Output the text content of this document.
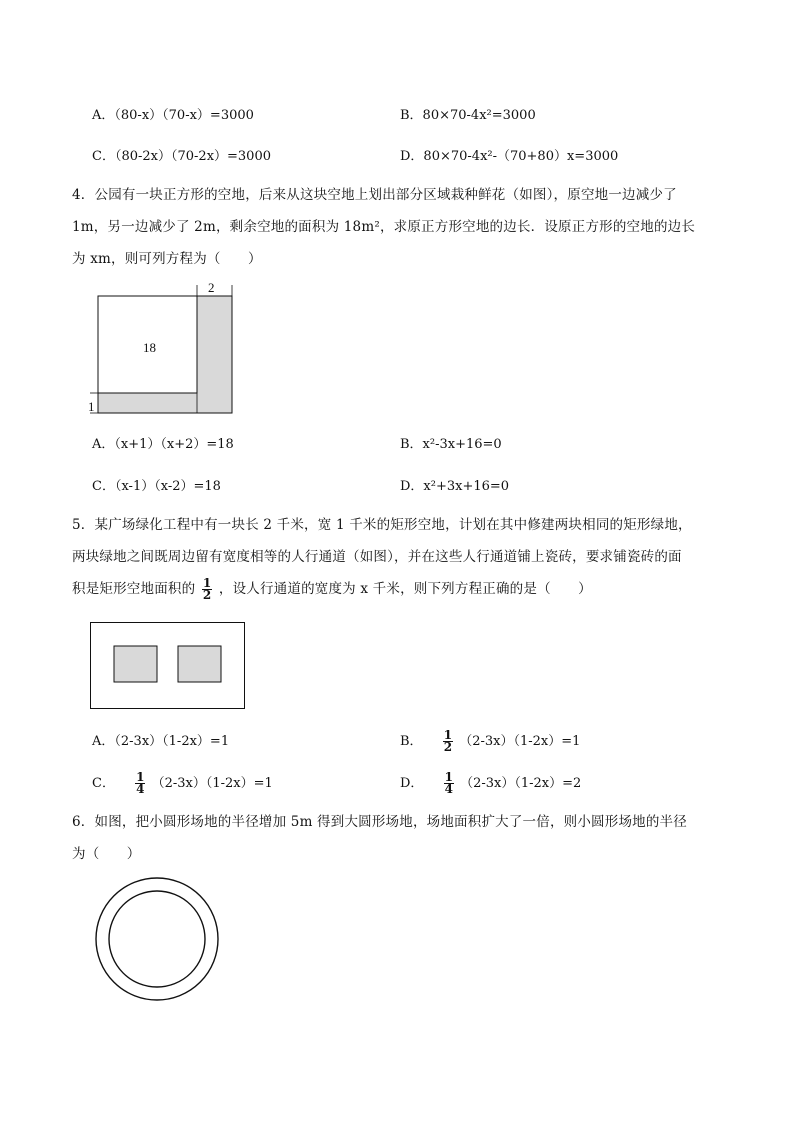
A．（80-x）（70-x）=3000	B．80×70-4x²=3000
C．（80-2x）（70-2x）=3000	D．80×70-4x²-（70+80）x=3000
4．公园有一块正方形的空地，后来从这块空地上划出部分区域栽种鲜花（如图），原空地一边减少了
1m，另一边减少了 2m，剩余空地的面积为 18m²，求原正方形空地的边长．设原正方形的空地的边长
为 xm，则可列方程为（　　）
2
18
1
A．（x+1）（x+2）=18	B．x²-3x+16=0
C．（x-1）（x-2）=18	D．x²+3x+16=0
5．某广场绿化工程中有一块长 2 千米，宽 1 千米的矩形空地，计划在其中修建两块相同的矩形绿地，
两块绿地之间既周边留有宽度相等的人行通道（如图），并在这些人行通道铺上瓷砖，要求铺瓷砖的面
积是矩形空地面积的 $\frac{1}{2}$ ，设人行通道的宽度为 x 千米，则下列方程正确的是（　　）
A．（2-3x）（1-2x）=1	B． $\frac{1}{2} (2-3x)(1-2x)=1$
C． $\frac{1}{4} (2-3x)(1-2x)=1$	D． $\frac{1}{4} (2-3x)(1-2x)=2$
6．如图，把小圆形场地的半径增加 5m 得到大圆形场地，场地面积扩大了一倍，则小圆形场地的半径
为（　　）
